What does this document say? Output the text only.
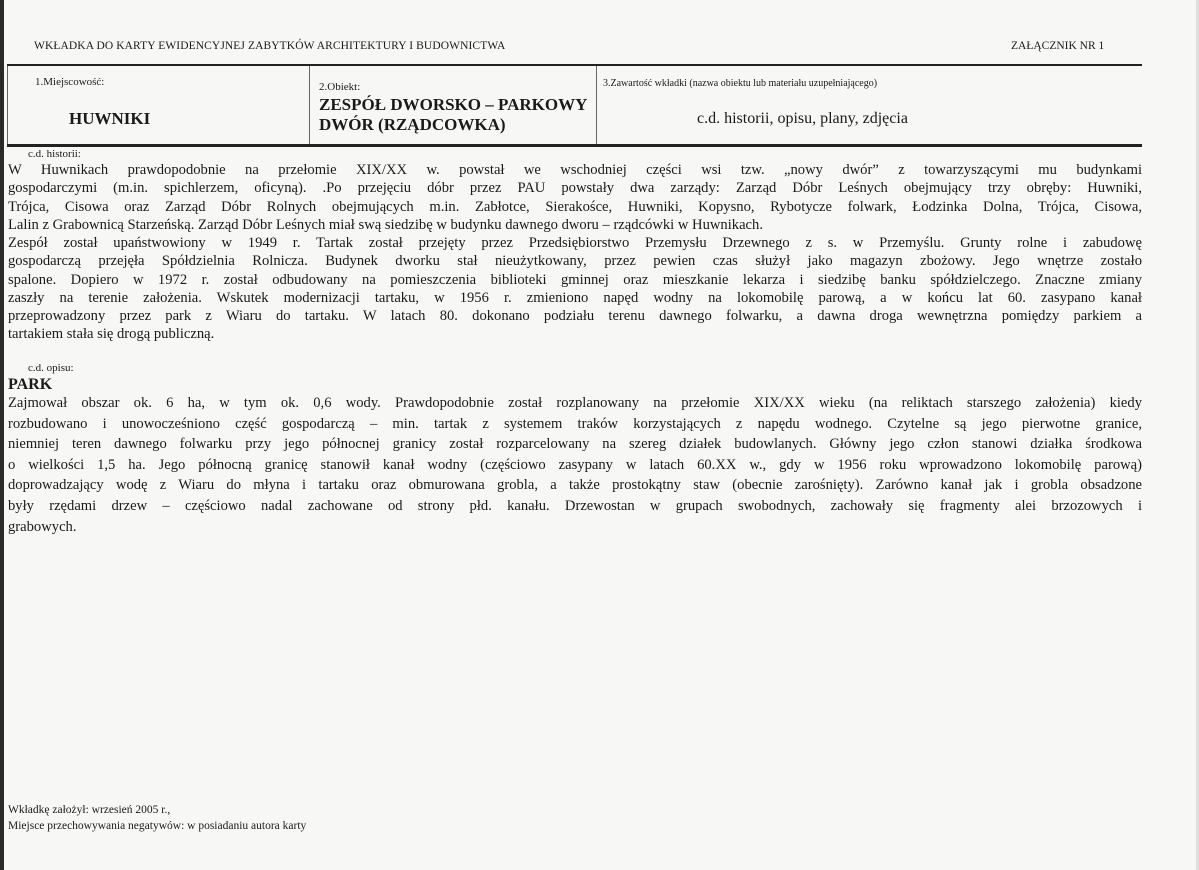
WKŁADKA DO KARTY EWIDENCYJNEJ ZABYTKÓW ARCHITEKTURY I BUDOWNICTWA	ZAŁĄCZNIK NR 1
1.Miejscowość:
HUWNIKI
2.Obiekt:
ZESPÓŁ DWORSKO – PARKOWY
DWÓR (RZĄDCOWKA)
3.Zawartość wkładki (nazwa obiektu lub materiału uzupełniającego)
c.d. historii, opisu, plany, zdjęcia
c.d. historii:
W Huwnikach prawdopodobnie na przełomie XIX/XX w. powstał we wschodniej części wsi tzw. „nowy dwór” z towarzyszącymi mu budynkami
gospodarczymi (m.in. spichlerzem, oficyną). .Po przejęciu dóbr przez PAU powstały dwa zarządy: Zarząd Dóbr Leśnych obejmujący trzy obręby: Huwniki,
Trójca, Cisowa oraz Zarząd Dóbr Rolnych obejmujących m.in. Zabłotce, Sierakośce, Huwniki, Kopysno, Rybotycze folwark, Łodzinka Dolna, Trójca, Cisowa,
Lalin z Grabownicą Starzeńską. Zarząd Dóbr Leśnych miał swą siedzibę w budynku dawnego dworu – rządcówki w Huwnikach.
Zespół został upaństwowiony w 1949 r. Tartak został przejęty przez Przedsiębiorstwo Przemysłu Drzewnego z s. w Przemyślu. Grunty rolne i zabudowę
gospodarczą przejęła Spółdzielnia Rolnicza. Budynek dworku stał nieużytkowany, przez pewien czas służył jako magazyn zbożowy. Jego wnętrze zostało
spalone. Dopiero w 1972 r. został odbudowany na pomieszczenia biblioteki gminnej oraz mieszkanie lekarza i siedzibę banku spółdzielczego. Znaczne zmiany
zaszły na terenie założenia. Wskutek modernizacji tartaku, w 1956 r. zmieniono napęd wodny na lokomobilę parową, a w końcu lat 60. zasypano kanał
przeprowadzony przez park z Wiaru do tartaku. W latach 80. dokonano podziału terenu dawnego folwarku, a dawna droga wewnętrzna pomiędzy parkiem a
tartakiem stała się drogą publiczną.
c.d. opisu:
PARK
Zajmował obszar ok. 6 ha, w tym ok. 0,6 wody. Prawdopodobnie został rozplanowany na przełomie XIX/XX wieku (na reliktach starszego założenia) kiedy
rozbudowano i unowocześniono część gospodarczą – min. tartak z systemem traków korzystających z napędu wodnego. Czytelne są jego pierwotne granice,
niemniej teren dawnego folwarku przy jego północnej granicy został rozparcelowany na szereg działek budowlanych. Główny jego człon stanowi działka środkowa
o wielkości 1,5 ha. Jego północną granicę stanowił kanał wodny (częściowo zasypany w latach 60.XX w., gdy w 1956 roku wprowadzono lokomobilę parową)
doprowadzający wodę z Wiaru do młyna i tartaku oraz obmurowana grobla, a także prostokątny staw (obecnie zarośnięty). Zarówno kanał jak i grobla obsadzone
były rzędami drzew – częściowo nadal zachowane od strony płd. kanału. Drzewostan w grupach swobodnych, zachowały się fragmenty alei brzozowych i
grabowych.
Wkładkę założył: wrzesień 2005 r.,
Miejsce przechowywania negatywów: w posiadaniu autora karty
